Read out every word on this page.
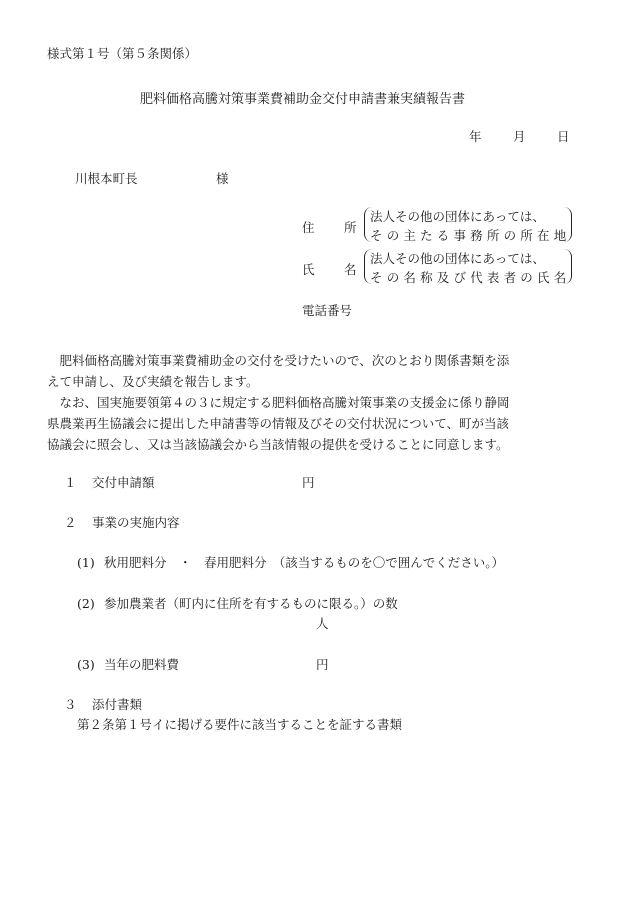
様式第１号（第５条関係）
肥料価格高騰対策事業費補助金交付申請書兼実績報告書
年	月	日
川根本町長	様
住 所
法人その他の団体にあっては、
その主たる事務所の所在地
氏 名
法人その他の団体にあっては、
その名称及び代表者の氏名
電話番号
　肥料価格高騰対策事業費補助金の交付を受けたいので、次のとおり関係書類を添
えて申請し、及び実績を報告します。
　なお、国実施要領第４の３に規定する肥料価格高騰対策事業の支援金に係り静岡
県農業再生協議会に提出した申請書等の情報及びその交付状況について、町が当該
協議会に照会し、又は当該協議会から当該情報の提供を受けることに同意します。
１ 交付申請額	円
２ 事業の実施内容
(1) 秋用肥料分　・　春用肥料分　（該当するものを〇で囲んでください。）
(2) 参加農業者（町内に住所を有するものに限る。）の数
人
(3) 当年の肥料費	円
３ 添付書類
第２条第１号イに掲げる要件に該当することを証する書類
